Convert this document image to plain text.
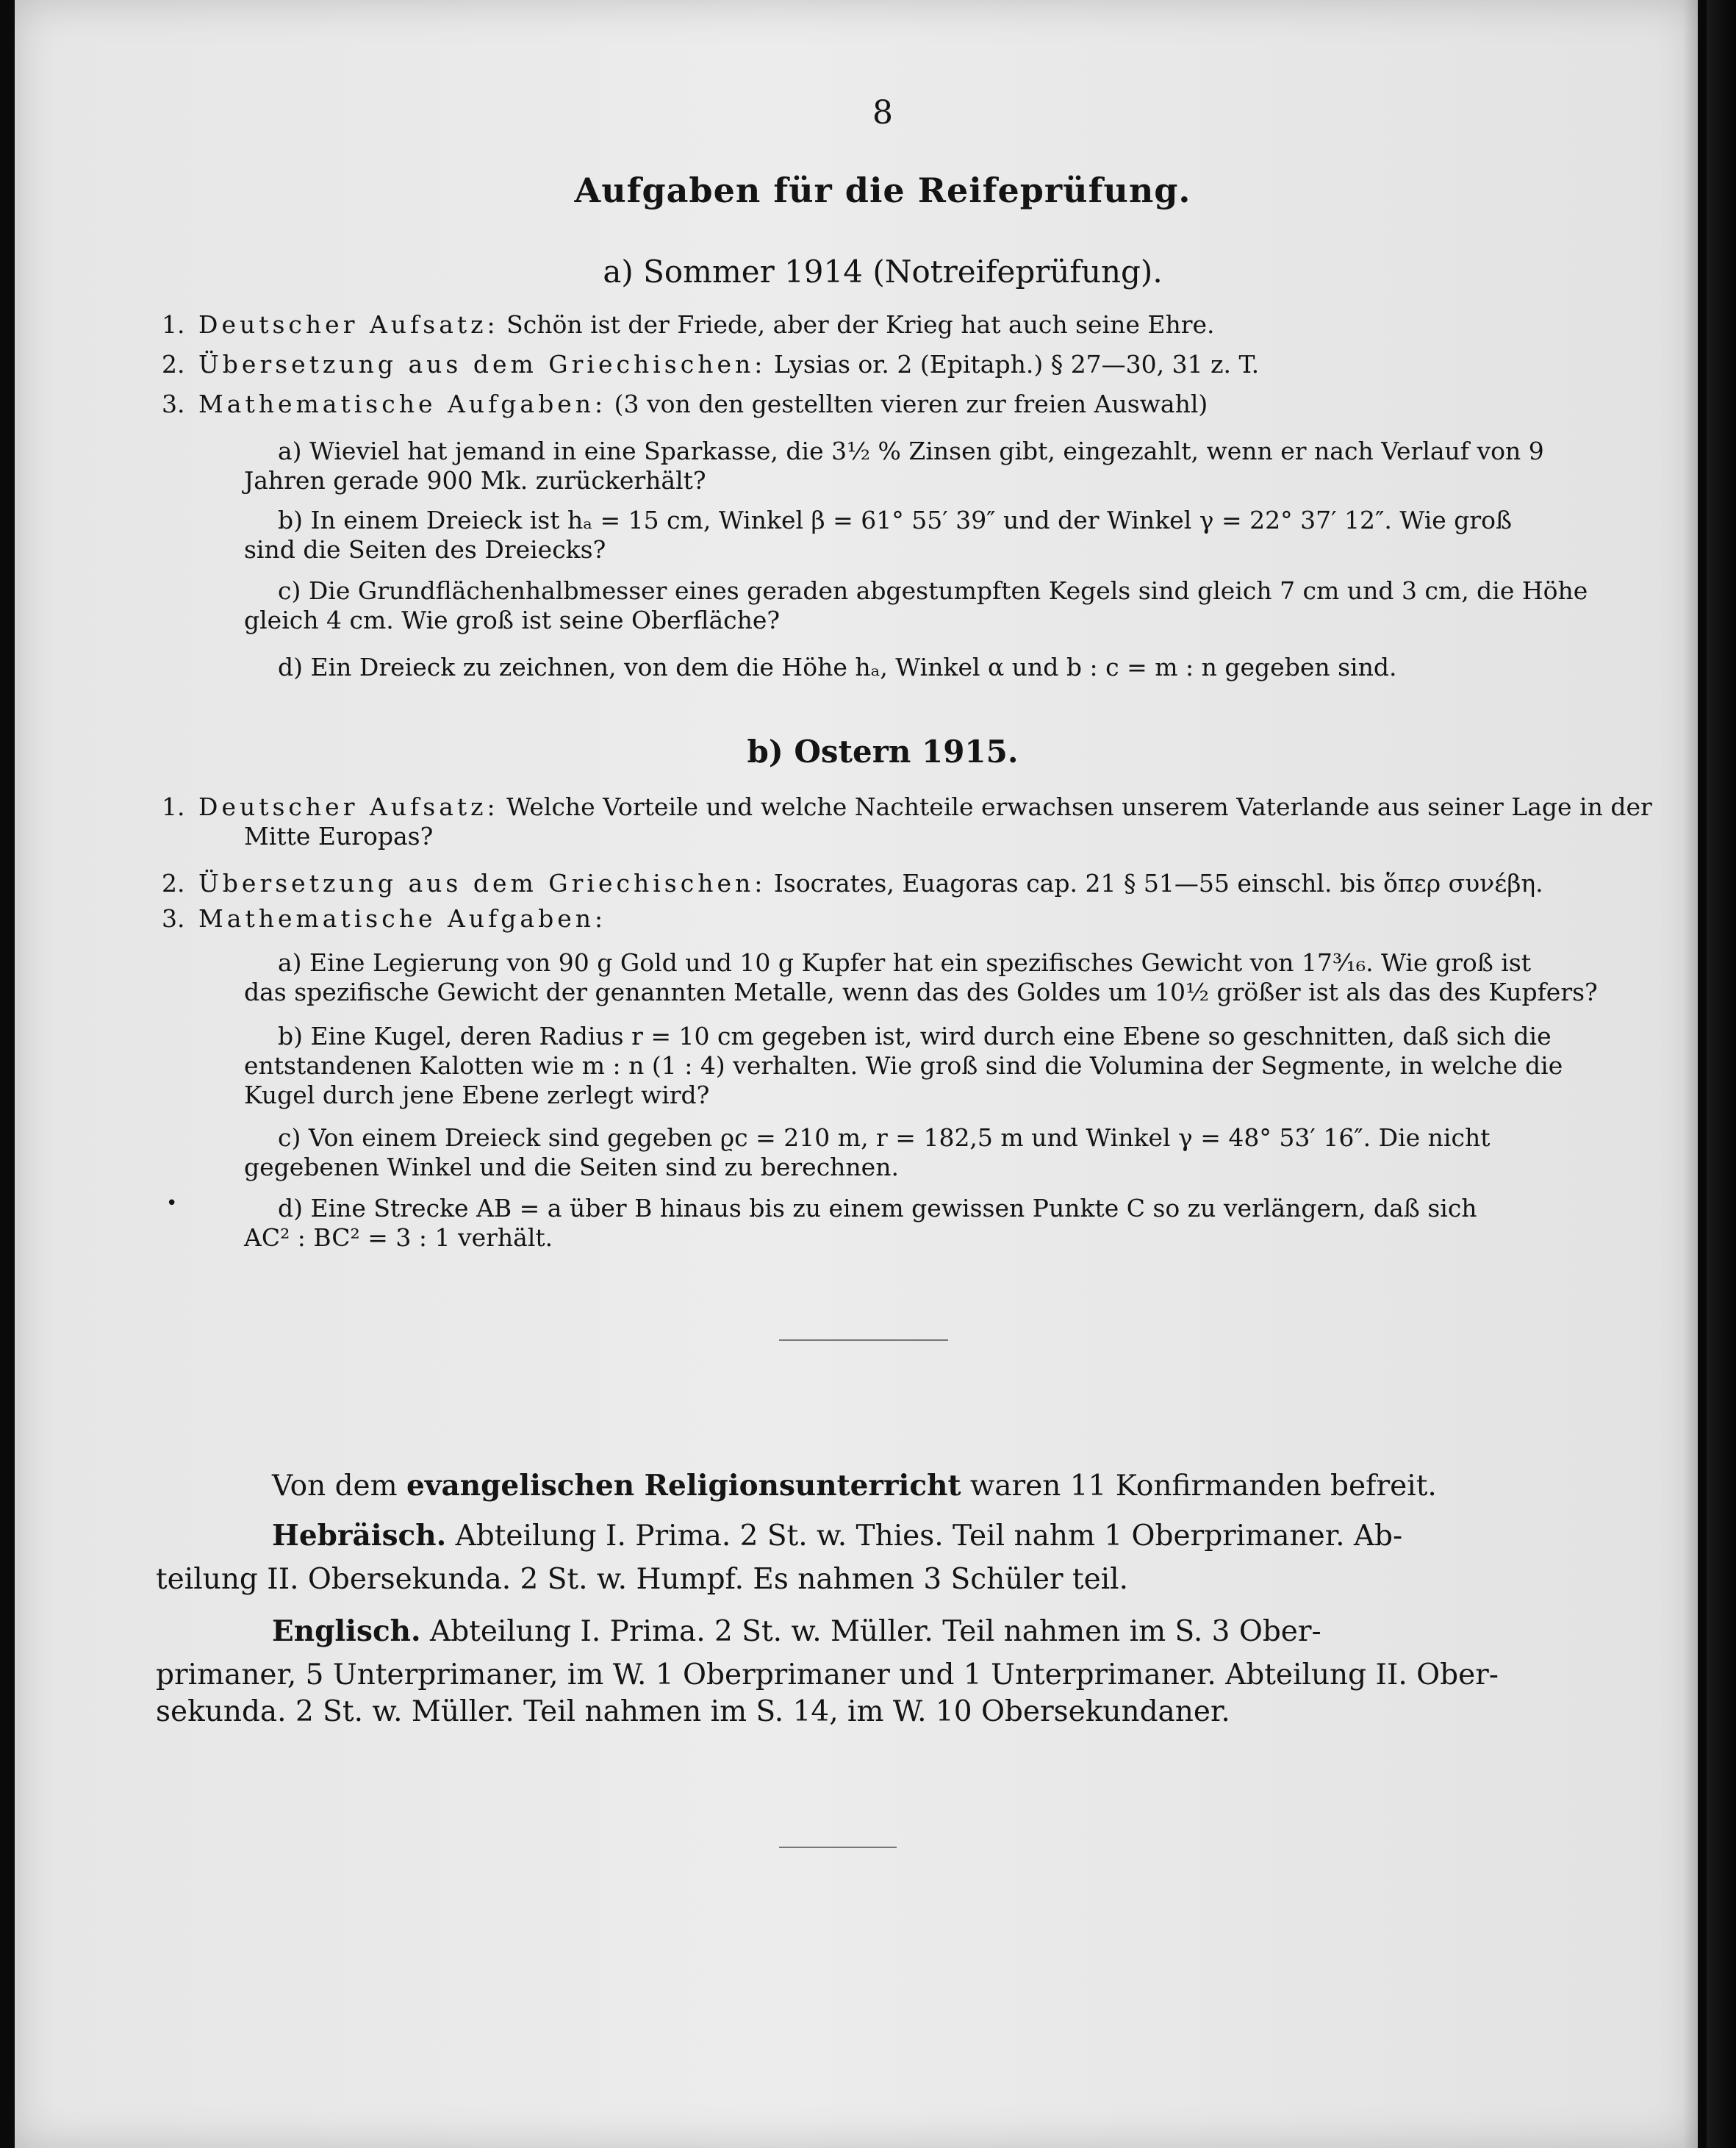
8
Aufgaben für die Reifeprüfung.
a) Sommer 1914 (Notreifeprüfung).
1. Deutscher Aufsatz: Schön ist der Friede, aber der Krieg hat auch seine Ehre.
2. Übersetzung aus dem Griechischen: Lysias or. 2 (Epitaph.) § 27—30, 31 z. T.
3. Mathematische Aufgaben: (3 von den gestellten vieren zur freien Auswahl)
a) Wieviel hat jemand in eine Sparkasse, die 3½ % Zinsen gibt, eingezahlt, wenn er nach Verlauf von 9
Jahren gerade 900 Mk. zurückerhält?
b) In einem Dreieck ist hₐ = 15 cm, Winkel β = 61° 55′ 39″ und der Winkel γ = 22° 37′ 12″. Wie groß
sind die Seiten des Dreiecks?
c) Die Grundflächenhalbmesser eines geraden abgestumpften Kegels sind gleich 7 cm und 3 cm, die Höhe
gleich 4 cm. Wie groß ist seine Oberfläche?
d) Ein Dreieck zu zeichnen, von dem die Höhe hₐ, Winkel α und b : c = m : n gegeben sind.
b) Ostern 1915.
1. Deutscher Aufsatz: Welche Vorteile und welche Nachteile erwachsen unserem Vaterlande aus seiner Lage in der
Mitte Europas?
2. Übersetzung aus dem Griechischen: Isocrates, Euagoras cap. 21 § 51—55 einschl. bis ὅπερ συνέβη.
3. Mathematische Aufgaben:
a) Eine Legierung von 90 g Gold und 10 g Kupfer hat ein spezifisches Gewicht von 17³⁄₁₆. Wie groß ist
das spezifische Gewicht der genannten Metalle, wenn das des Goldes um 10½ größer ist als das des Kupfers?
b) Eine Kugel, deren Radius r = 10 cm gegeben ist, wird durch eine Ebene so geschnitten, daß sich die
entstandenen Kalotten wie m : n (1 : 4) verhalten. Wie groß sind die Volumina der Segmente, in welche die
Kugel durch jene Ebene zerlegt wird?
c) Von einem Dreieck sind gegeben ϱc = 210 m, r = 182,5 m und Winkel γ = 48° 53′ 16″. Die nicht
gegebenen Winkel und die Seiten sind zu berechnen.
d) Eine Strecke AB = a über B hinaus bis zu einem gewissen Punkte C so zu verlängern, daß sich
AC² : BC² = 3 : 1 verhält.
•
Von dem evangelischen Religionsunterricht waren 11 Konfirmanden befreit.
Hebräisch. Abteilung I. Prima. 2 St. w. Thies. Teil nahm 1 Oberprimaner. Ab-
teilung II. Obersekunda. 2 St. w. Humpf. Es nahmen 3 Schüler teil.
Englisch. Abteilung I. Prima. 2 St. w. Müller. Teil nahmen im S. 3 Ober-
primaner, 5 Unterprimaner, im W. 1 Oberprimaner und 1 Unterprimaner. Abteilung II. Ober-
sekunda. 2 St. w. Müller. Teil nahmen im S. 14, im W. 10 Obersekundaner.
